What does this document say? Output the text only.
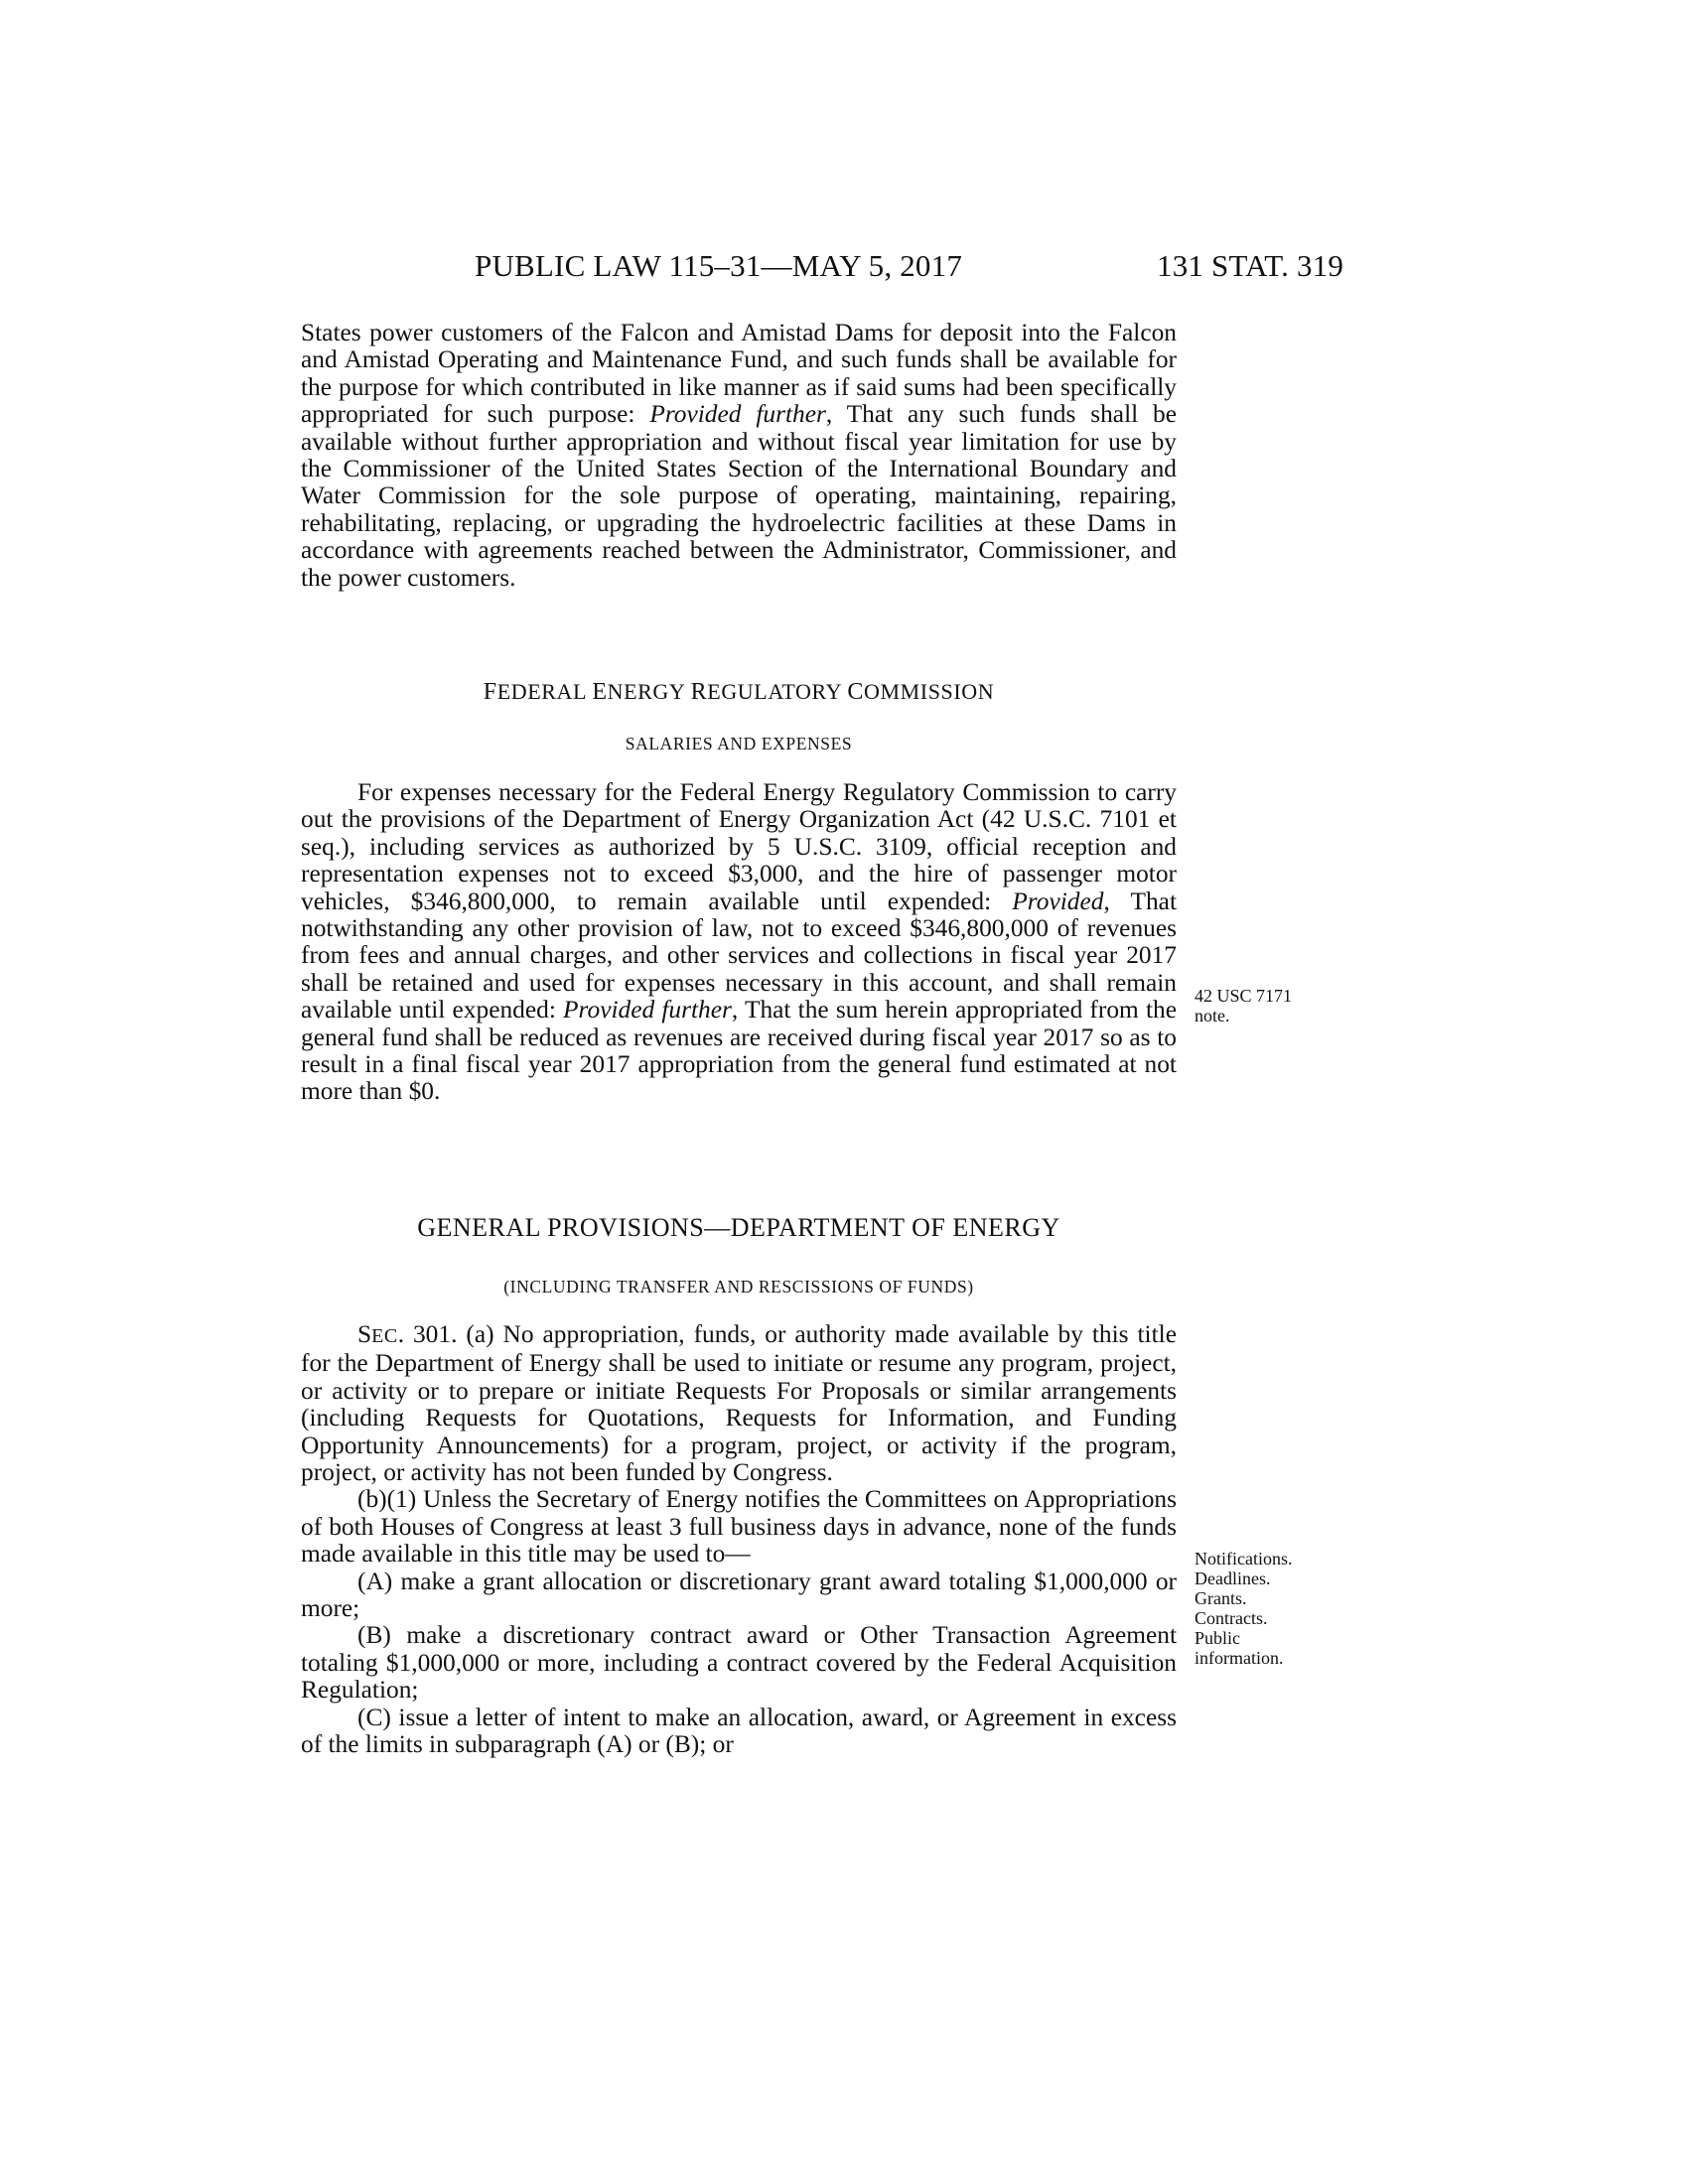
PUBLIC LAW 115–31—MAY 5, 2017	131 STAT. 319

States power customers of the Falcon and Amistad Dams for deposit into the Falcon and Amistad Operating and Maintenance Fund, and such funds shall be available for the purpose for which contributed in like manner as if said sums had been specifically appropriated for such purpose: Provided further, That any such funds shall be available without further appropriation and without fiscal year limitation for use by the Commissioner of the United States Section of the International Boundary and Water Commission for the sole purpose of operating, maintaining, repairing, rehabilitating, replacing, or upgrading the hydroelectric facilities at these Dams in accordance with agreements reached between the Administrator, Commissioner, and the power customers.

FEDERAL ENERGY REGULATORY COMMISSION

SALARIES AND EXPENSES

For expenses necessary for the Federal Energy Regulatory Commission to carry out the provisions of the Department of Energy Organization Act (42 U.S.C. 7101 et seq.), including services as authorized by 5 U.S.C. 3109, official reception and representation expenses not to exceed $3,000, and the hire of passenger motor vehicles, $346,800,000, to remain available until expended: Provided, That notwithstanding any other provision of law, not to exceed $346,800,000 of revenues from fees and annual charges, and other services and collections in fiscal year 2017 shall be retained and used for expenses necessary in this account, and shall remain available until expended: Provided further, That the sum herein appropriated from the general fund shall be reduced as revenues are received during fiscal year 2017 so as to result in a final fiscal year 2017 appropriation from the general fund estimated at not more than $0.

42 USC 7171
note.

GENERAL PROVISIONS—DEPARTMENT OF ENERGY

(INCLUDING TRANSFER AND RESCISSIONS OF FUNDS)

SEC. 301. (a) No appropriation, funds, or authority made available by this title for the Department of Energy shall be used to initiate or resume any program, project, or activity or to prepare or initiate Requests For Proposals or similar arrangements (including Requests for Quotations, Requests for Information, and Funding Opportunity Announcements) for a program, project, or activity if the program, project, or activity has not been funded by Congress.

(b)(1) Unless the Secretary of Energy notifies the Committees on Appropriations of both Houses of Congress at least 3 full business days in advance, none of the funds made available in this title may be used to—

(A) make a grant allocation or discretionary grant award totaling $1,000,000 or more;

(B) make a discretionary contract award or Other Transaction Agreement totaling $1,000,000 or more, including a contract covered by the Federal Acquisition Regulation;

(C) issue a letter of intent to make an allocation, award, or Agreement in excess of the limits in subparagraph (A) or (B); or

Notifications.
Deadlines.
Grants.
Contracts.
Public
information.
